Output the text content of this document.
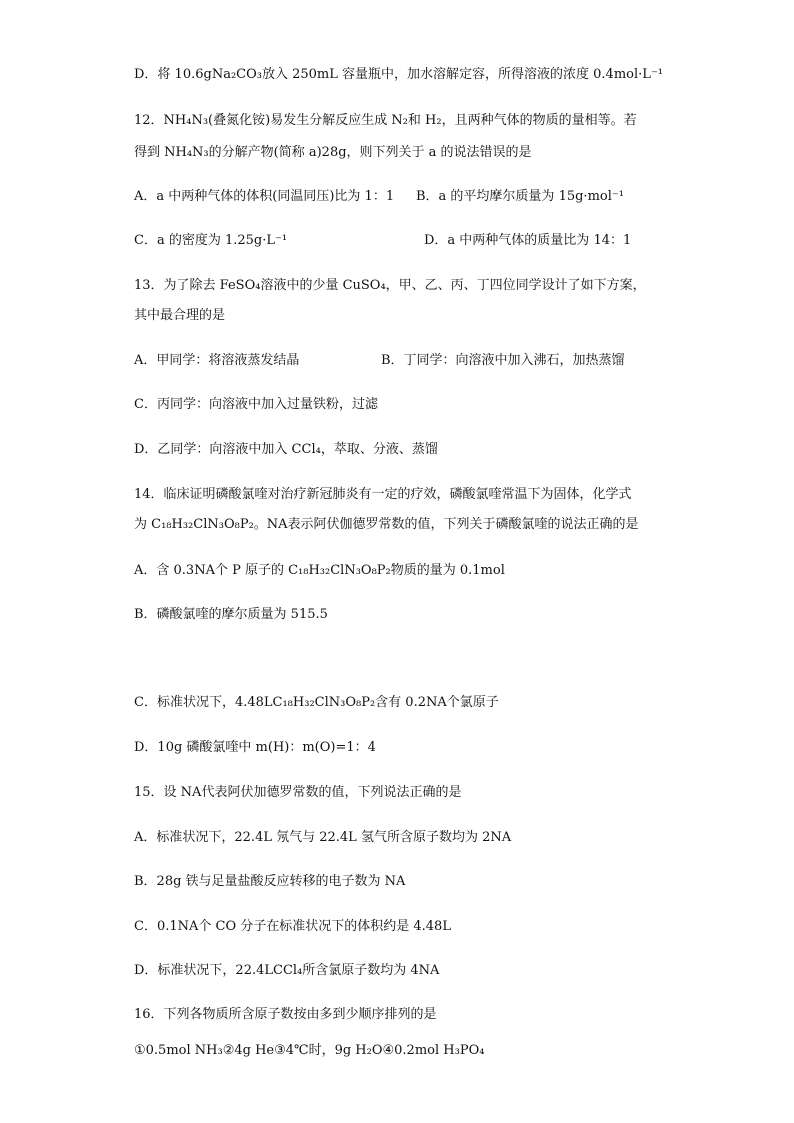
D．将 10.6gNa₂CO₃放入 250mL 容量瓶中，加水溶解定容，所得溶液的浓度 0.4mol·L⁻¹
12．NH₄N₃(叠氮化铵)易发生分解反应生成 N₂和 H₂，且两种气体的物质的量相等。若
得到 NH₄N₃的分解产物(简称 a)28g，则下列关于 a 的说法错误的是
A．a 中两种气体的体积(同温同压)比为 1：1 B．a 的平均摩尔质量为 15g·mol⁻¹
C．a 的密度为 1.25g·L⁻¹	D．a 中两种气体的质量比为 14：1
13．为了除去 FeSO₄溶液中的少量 CuSO₄，甲、乙、丙、丁四位同学设计了如下方案，
其中最合理的是
A．甲同学：将溶液蒸发结晶	B．丁同学：向溶液中加入沸石，加热蒸馏
C．丙同学：向溶液中加入过量铁粉，过滤
D．乙同学：向溶液中加入 CCl₄，萃取、分液、蒸馏
14．临床证明磷酸氯喹对治疗新冠肺炎有一定的疗效，磷酸氯喹常温下为固体，化学式
为 C₁₈H₃₂ClN₃O₈P₂。NA表示阿伏伽德罗常数的值，下列关于磷酸氯喹的说法正确的是
A．含 0.3NA个 P 原子的 C₁₈H₃₂ClN₃O₈P₂物质的量为 0.1mol
B．磷酸氯喹的摩尔质量为 515.5
C．标准状况下，4.48LC₁₈H₃₂ClN₃O₈P₂含有 0.2NA个氯原子
D．10g 磷酸氯喹中 m(H)：m(O)=1：4
15．设 NA代表阿伏加德罗常数的值，下列说法正确的是
A．标准状况下，22.4L 氖气与 22.4L 氢气所含原子数均为 2NA
B．28g 铁与足量盐酸反应转移的电子数为 NA
C．0.1NA个 CO 分子在标准状况下的体积约是 4.48L
D．标准状况下，22.4LCCl₄所含氯原子数均为 4NA
16．下列各物质所含原子数按由多到少顺序排列的是
①0.5mol NH₃②4g He③4℃时，9g H₂O④0.2mol H₃PO₄
